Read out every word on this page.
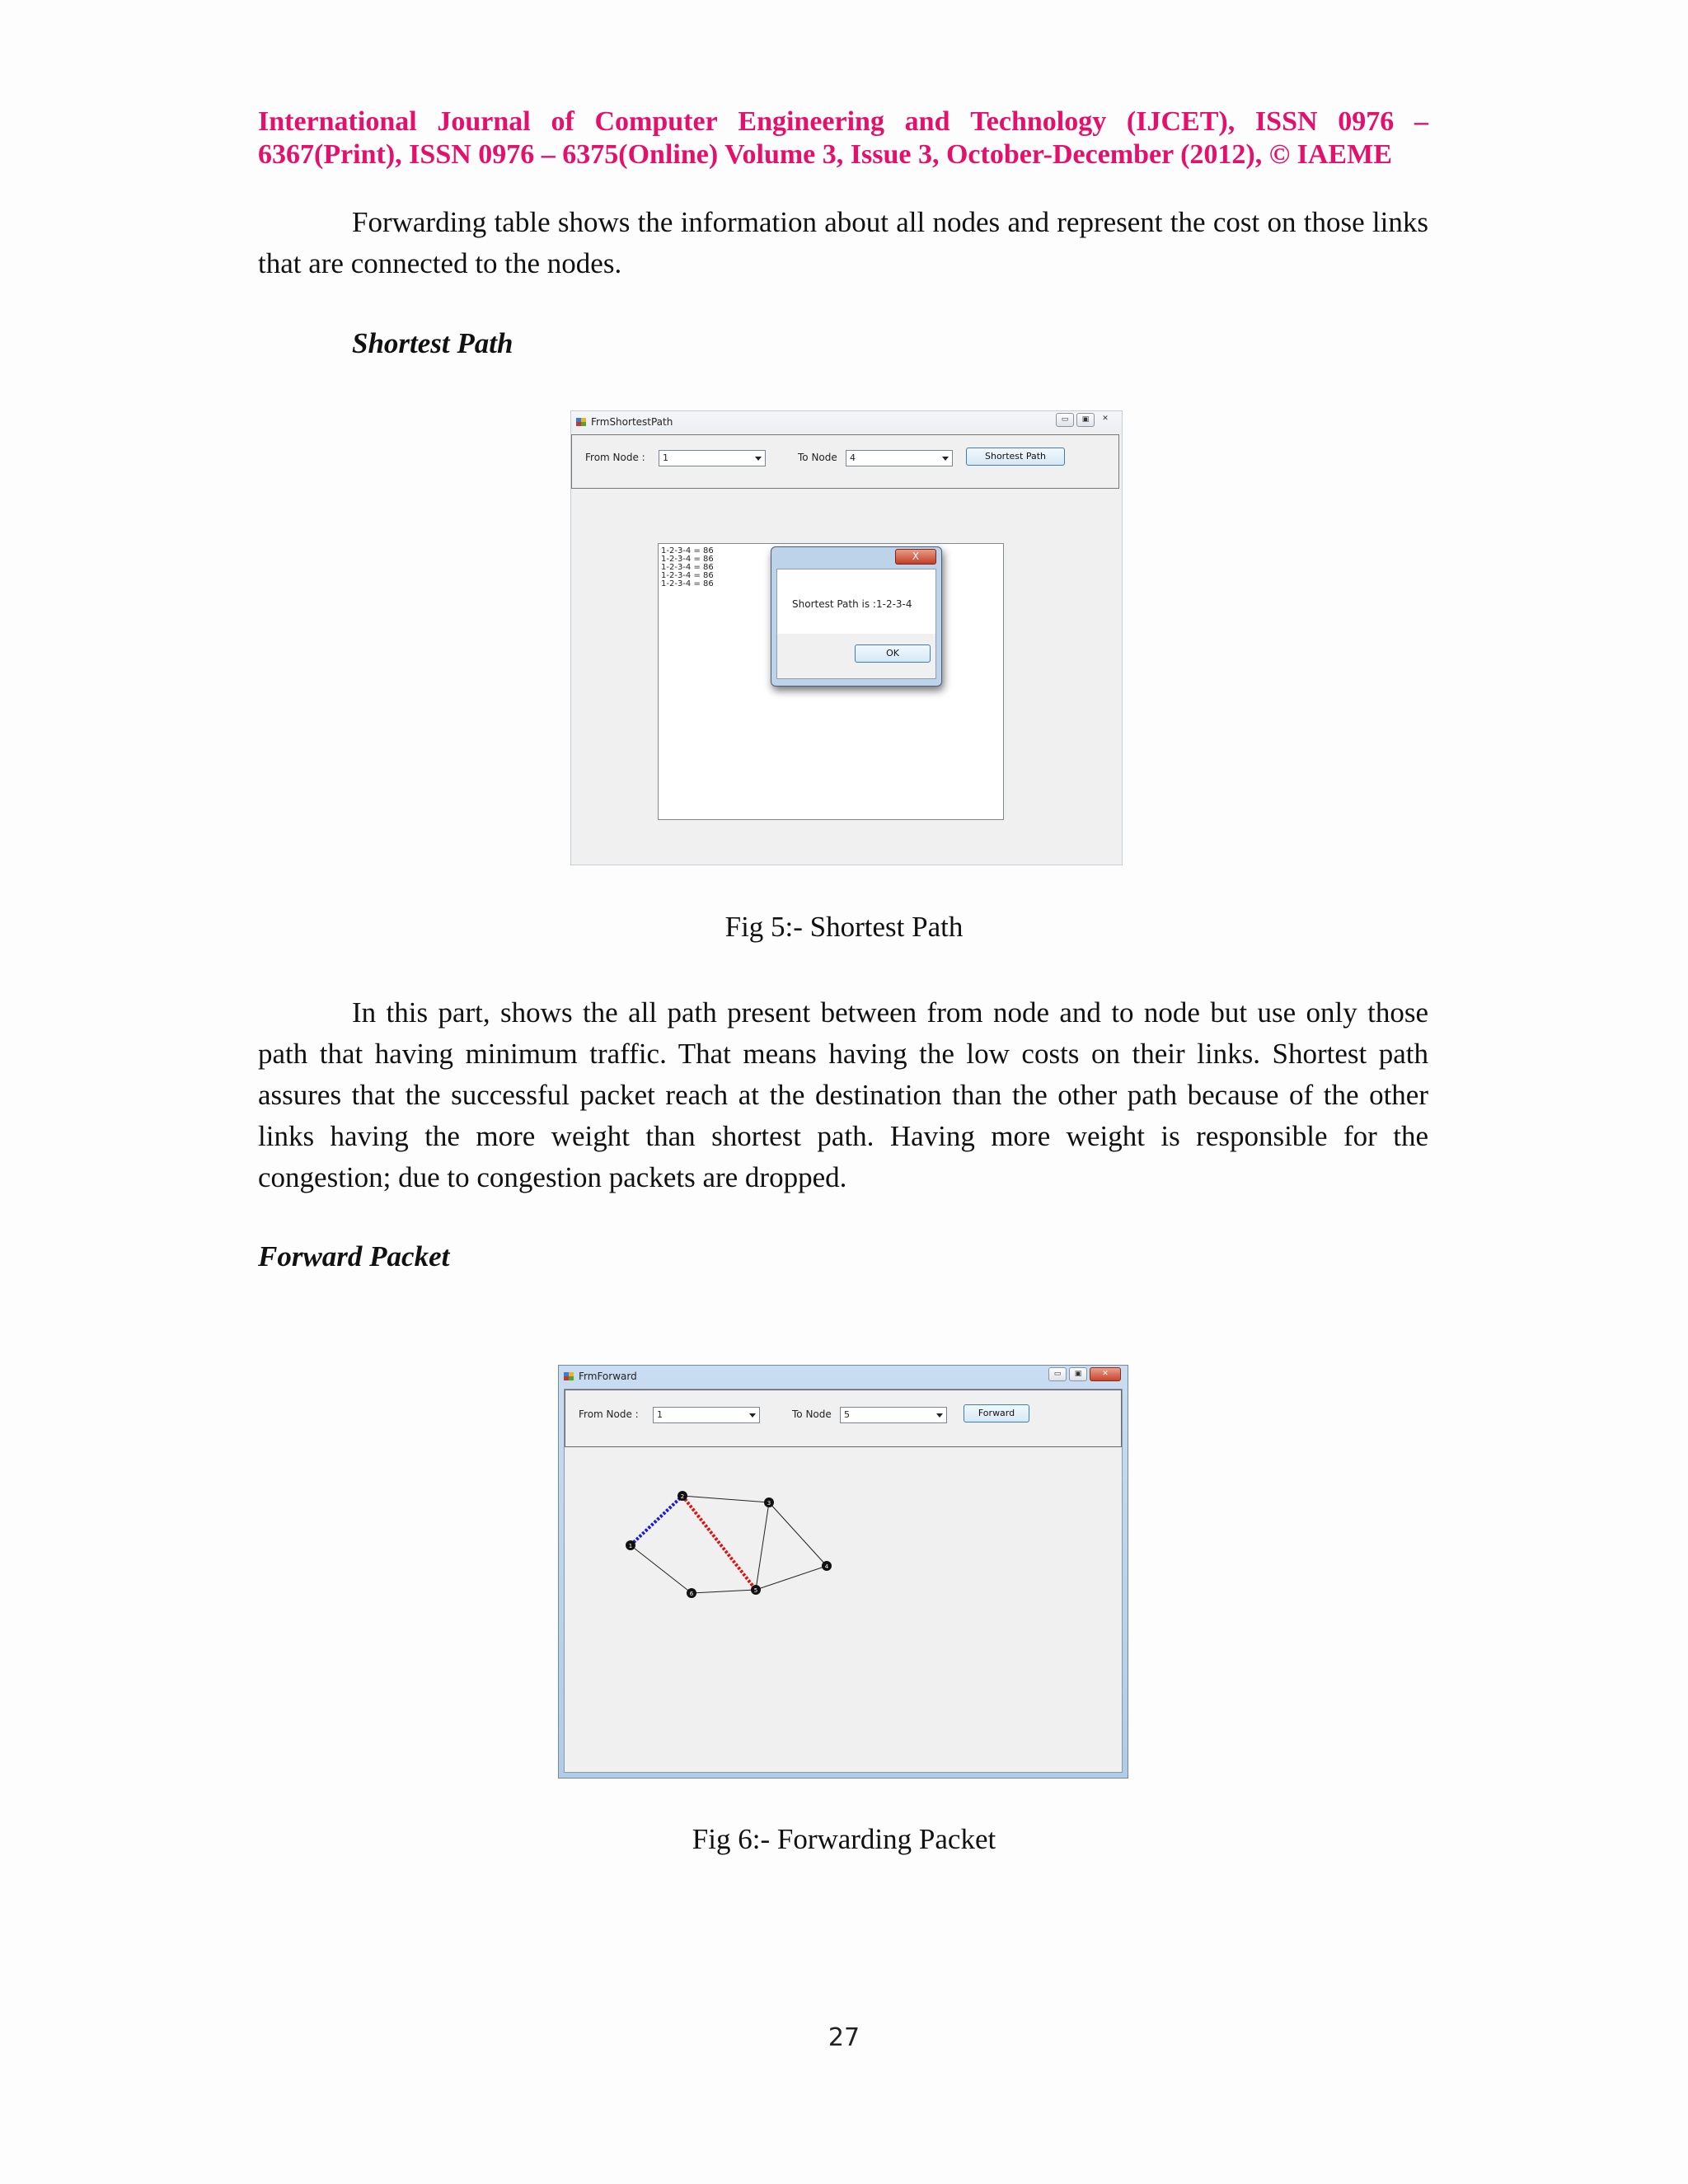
International Journal of Computer Engineering and Technology (IJCET), ISSN 0976 –
6367(Print), ISSN 0976 – 6375(Online) Volume 3, Issue 3, October-December (2012), © IAEME
Forwarding table shows the information about all nodes and represent the cost on those links that are connected to the nodes.
Shortest Path
FrmShortestPath	▭	▣	✕
From Node :	1	To Node	4	Shortest Path
1-2-3-4 = 86
1-2-3-4 = 86
1-2-3-4 = 86
1-2-3-4 = 86
1-2-3-4 = 86
X
Shortest Path is :1-2-3-4
OK
Fig 5:- Shortest Path
In this part, shows the all path present between from node and to node but use only those path that having minimum traffic. That means having the low costs on their links. Shortest path assures that the successful packet reach at the destination than the other path because of the other links having the more weight than shortest path. Having more weight is responsible for the congestion; due to congestion packets are dropped.
Forward Packet
FrmForward	▭	▣	✕
From Node :	1	To Node	5	Forward
1
2
3
4
5
6
Fig 6:- Forwarding Packet
27
